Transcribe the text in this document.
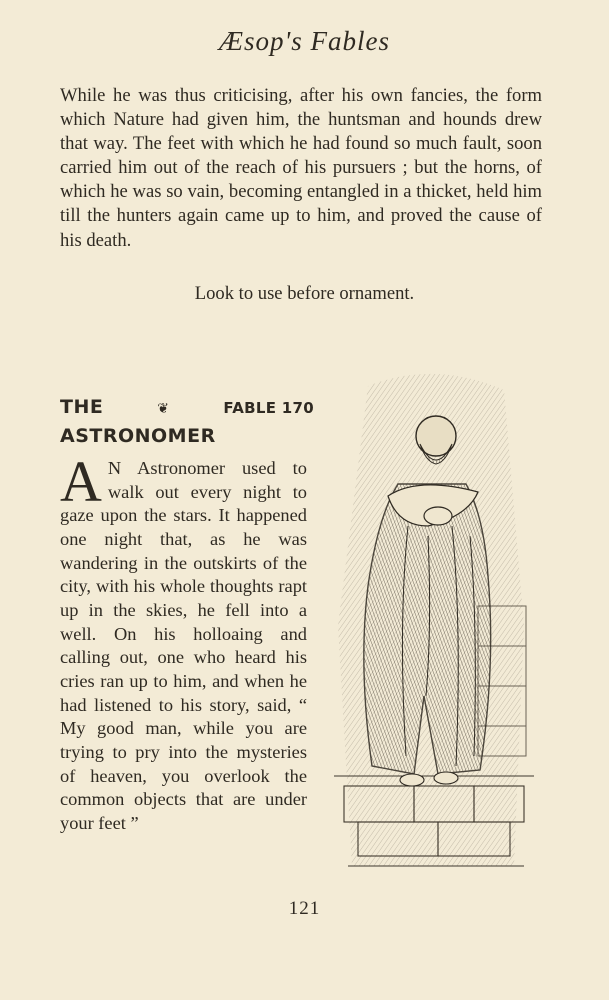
Æsop's Fables
While he was thus criticising, after his own fancies, the form which Nature had given him, the huntsman and hounds drew that way. The feet with which he had found so much fault, soon carried him out of the reach of his pursuers ; but the horns, of which he was so vain, becoming entangled in a thicket, held him till the hunters again came up to him, and proved the cause of his death.
Look to use before ornament.
THE	❦	FABLE 170
ASTRONOMER
A N Astronomer used to walk out every night to gaze upon the stars. It happened one night that, as he was wandering in the outskirts of the city, with his whole thoughts rapt up in the skies, he fell into a well. On his holloaing and calling out, one who heard his cries ran up to him, and when he had listened to his story, said, “ My good man, while you are trying to pry into the mysteries of heaven, you overlook the common objects that are under your feet ”
121
